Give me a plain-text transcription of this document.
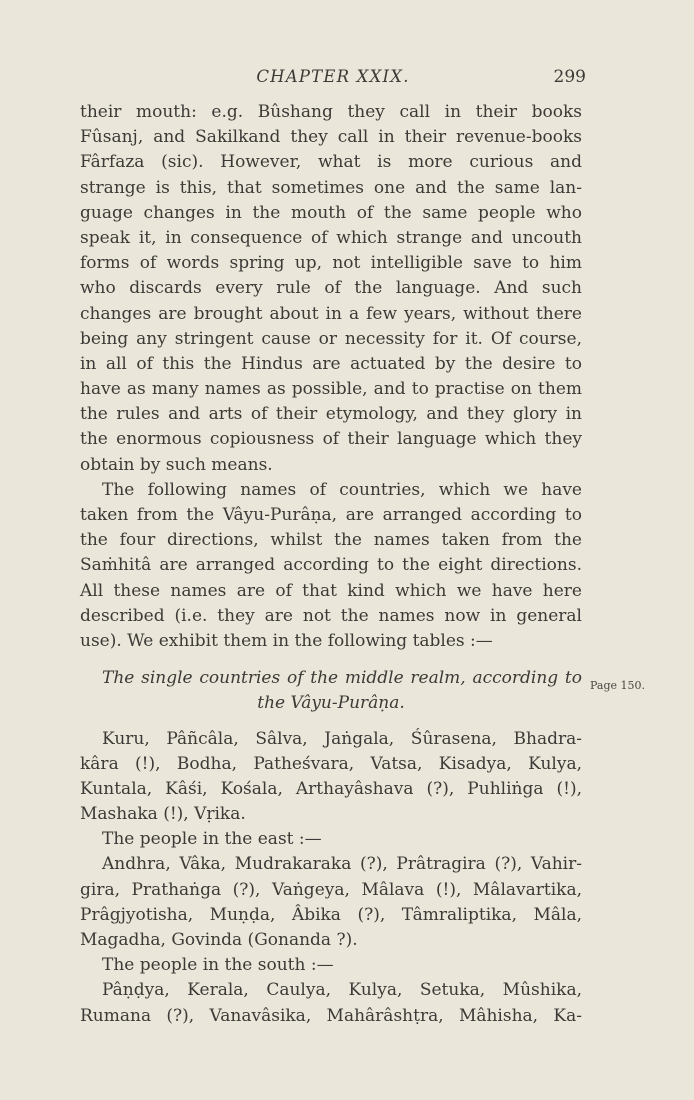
CHAPTER XXIX.	299
their mouth: e.g. Bûshang they call in their books
Fûsanj, and Sakilkand they call in their revenue-books
Fârfaza (sic). However, what is more curious and
strange is this, that sometimes one and the same lan-
guage changes in the mouth of the same people who
speak it, in consequence of which strange and uncouth
forms of words spring up, not intelligible save to him
who discards every rule of the language. And such
changes are brought about in a few years, without there
being any stringent cause or necessity for it. Of course,
in all of this the Hindus are actuated by the desire to
have as many names as possible, and to practise on them
the rules and arts of their etymology, and they glory in
the enormous copiousness of their language which they
obtain by such means.
The following names of countries, which we have
taken from the Vâyu-Purâṇa, are arranged according to
the four directions, whilst the names taken from the
Saṁhitâ are arranged according to the eight directions.
All these names are of that kind which we have here
described (i.e. they are not the names now in general
use). We exhibit them in the following tables :—
The single countries of the middle realm, according to
the Vâyu-Purâṇa.
Kuru, Pâñcâla, Sâlva, Jaṅgala, Śûrasena, Bhadra-
kâra (!), Bodha, Patheśvara, Vatsa, Kisadya, Kulya,
Kuntala, Kâśi, Kośala, Arthayâshava (?), Puhliṅga (!),
Mashaka (!), Vṛika.
The people in the east :—
Andhra, Vâka, Mudrakaraka (?), Prâtragira (?), Vahir-
gira, Prathaṅga (?), Vaṅgeya, Mâlava (!), Mâlavartika,
Prâgjyotisha, Muṇḍa, Âbika (?), Tâmraliptika, Mâla,
Magadha, Govinda (Gonanda ?).
The people in the south :—
Pâṇḍya, Kerala, Caulya, Kulya, Setuka, Mûshika,
Rumana (?), Vanavâsika, Mahârâshṭra, Mâhisha, Ka-
Page 150.
